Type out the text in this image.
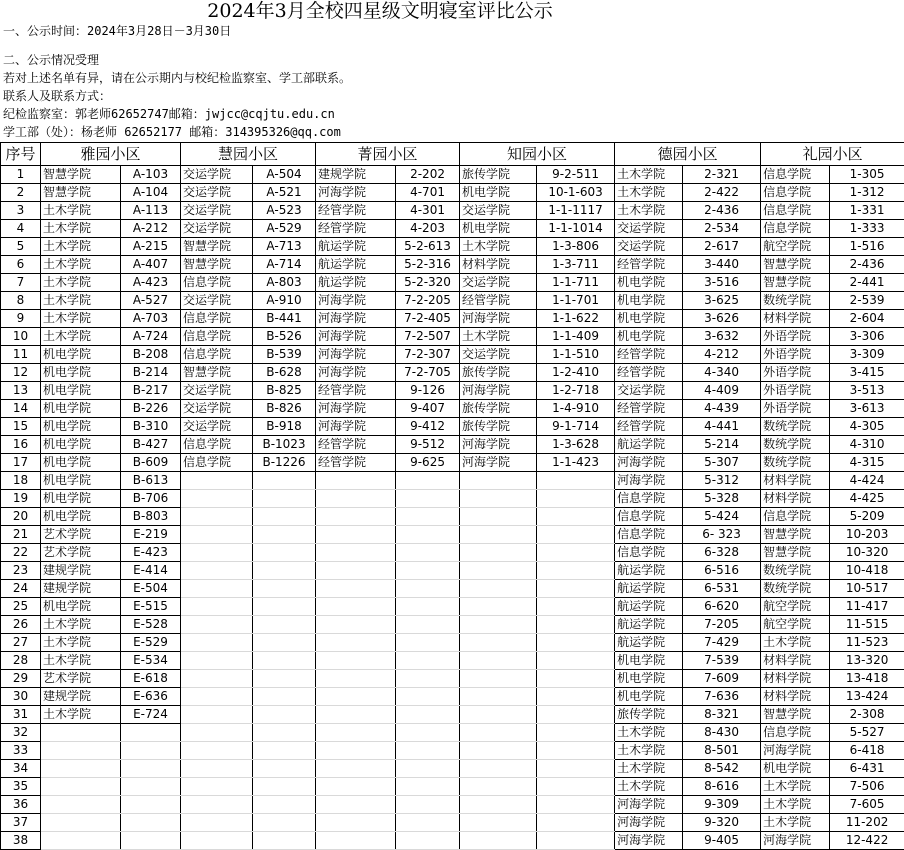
2024年3月全校四星级文明寝室评比公示
一、公示时间：2024年3月28日－3月30日
二、公示情况受理
若对上述名单有异，请在公示期内与校纪检监察室、学工部联系。
联系人及联系方式：
纪检监察室：郭老师62652747邮箱：jwjcc@cqjtu.edu.cn
学工部（处）：杨老师 62652177 邮箱：314395326@qq.com
序号	雅园小区		慧园小区		菁园小区		知园小区		德园小区		礼园小区	
1	智慧学院	A-103	交运学院	A-504	建规学院	2-202	旅传学院	9-2-511	土木学院	2-321	信息学院	1-305
2	智慧学院	A-104	交运学院	A-521	河海学院	4-701	机电学院	10-1-603	土木学院	2-422	信息学院	1-312
3	土木学院	A-113	交运学院	A-523	经管学院	4-301	交运学院	1-1-1117	土木学院	2-436	信息学院	1-331
4	土木学院	A-212	交运学院	A-529	经管学院	4-203	机电学院	1-1-1014	交运学院	2-534	信息学院	1-333
5	土木学院	A-215	智慧学院	A-713	航运学院	5-2-613	土木学院	1-3-806	交运学院	2-617	航空学院	1-516
6	土木学院	A-407	智慧学院	A-714	航运学院	5-2-316	材料学院	1-3-711	经管学院	3-440	智慧学院	2-436
7	土木学院	A-423	信息学院	A-803	航运学院	5-2-320	交运学院	1-1-711	机电学院	3-516	智慧学院	2-441
8	土木学院	A-527	交运学院	A-910	河海学院	7-2-205	经管学院	1-1-701	机电学院	3-625	数统学院	2-539
9	土木学院	A-703	信息学院	B-441	河海学院	7-2-405	河海学院	1-1-622	机电学院	3-626	材料学院	2-604
10	土木学院	A-724	信息学院	B-526	河海学院	7-2-507	土木学院	1-1-409	机电学院	3-632	外语学院	3-306
11	机电学院	B-208	信息学院	B-539	河海学院	7-2-307	交运学院	1-1-510	经管学院	4-212	外语学院	3-309
12	机电学院	B-214	智慧学院	B-628	河海学院	7-2-705	旅传学院	1-2-410	经管学院	4-340	外语学院	3-415
13	机电学院	B-217	交运学院	B-825	经管学院	9-126	河海学院	1-2-718	交运学院	4-409	外语学院	3-513
14	机电学院	B-226	交运学院	B-826	河海学院	9-407	旅传学院	1-4-910	经管学院	4-439	外语学院	3-613
15	机电学院	B-310	交运学院	B-918	河海学院	9-412	旅传学院	9-1-714	经管学院	4-441	数统学院	4-305
16	机电学院	B-427	信息学院	B-1023	经管学院	9-512	河海学院	1-3-628	航运学院	5-214	数统学院	4-310
17	机电学院	B-609	信息学院	B-1226	经管学院	9-625	河海学院	1-1-423	河海学院	5-307	数统学院	4-315
18	机电学院	B-613							河海学院	5-312	材料学院	4-424
19	机电学院	B-706							信息学院	5-328	材料学院	4-425
20	机电学院	B-803							信息学院	5-424	信息学院	5-209
21	艺术学院	E-219							信息学院	6- 323	智慧学院	10-203
22	艺术学院	E-423							信息学院	6-328	智慧学院	10-320
23	建规学院	E-414							航运学院	6-516	数统学院	10-418
24	建规学院	E-504							航运学院	6-531	数统学院	10-517
25	机电学院	E-515							航运学院	6-620	航空学院	11-417
26	土木学院	E-528							航运学院	7-205	航空学院	11-515
27	土木学院	E-529							航运学院	7-429	土木学院	11-523
28	土木学院	E-534							机电学院	7-539	材料学院	13-320
29	艺术学院	E-618							机电学院	7-609	材料学院	13-418
30	建规学院	E-636							机电学院	7-636	材料学院	13-424
31	土木学院	E-724							旅传学院	8-321	智慧学院	2-308
32									土木学院	8-430	信息学院	5-527
33									土木学院	8-501	河海学院	6-418
34									土木学院	8-542	机电学院	6-431
35									土木学院	8-616	土木学院	7-506
36									河海学院	9-309	土木学院	7-605
37									河海学院	9-320	土木学院	11-202
38									河海学院	9-405	河海学院	12-422
